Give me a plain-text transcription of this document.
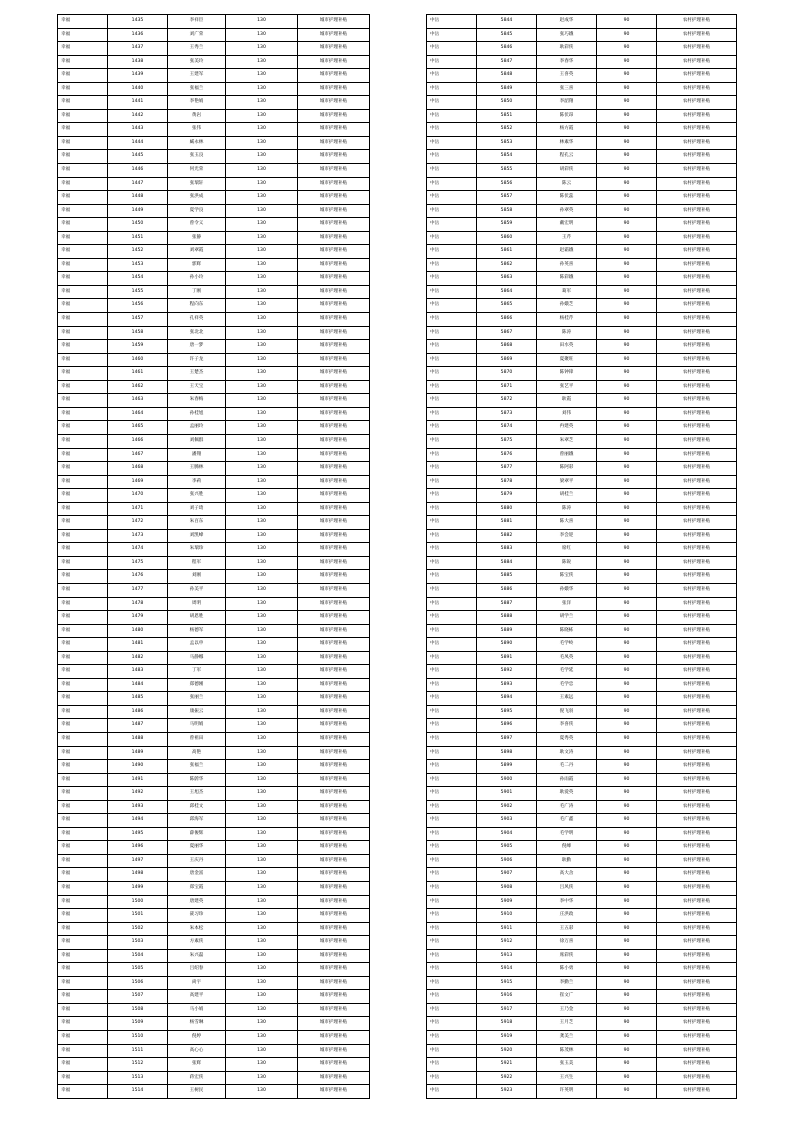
幸福	1435	李祥臣	130	城市护理补贴
幸福	1436	刘广荣	130	城市护理补贴
幸福	1437	王秀兰	130	城市护理补贴
幸福	1438	张美玲	130	城市护理补贴
幸福	1439	王建军	130	城市护理补贴
幸福	1440	张福兰	130	城市护理补贴
幸福	1441	李艳娟	130	城市护理补贴
幸福	1442	黄岩	130	城市护理补贴
幸福	1443	张伟	130	城市护理补贴
幸福	1444	臧永林	130	城市护理补贴
幸福	1445	张玉良	130	城市护理补贴
幸福	1446	何光荣	130	城市护理补贴
幸福	1447	张瑞轩	130	城市护理补贴
幸福	1448	张洪成	130	城市护理补贴
幸福	1449	夏学良	130	城市护理补贴
幸福	1450	曾令义	130	城市护理补贴
幸福	1451	张静	130	城市护理补贴
幸福	1452	刘翠霞	130	城市护理补贴
幸福	1453	郭辉	130	城市护理补贴
幸福	1454	孙小玲	130	城市护理补贴
幸福	1455	丁刚	130	城市护理补贴
幸福	1456	程向东	130	城市护理补贴
幸福	1457	孔祥英	130	城市护理补贴
幸福	1458	张北北	130	城市护理补贴
幸福	1459	唐一梦	130	城市护理补贴
幸福	1460	许子龙	130	城市护理补贴
幸福	1461	王楚杰	130	城市护理补贴
幸福	1462	王天宝	130	城市护理补贴
幸福	1463	朱春梅	130	城市护理补贴
幸福	1464	孙桂旭	130	城市护理补贴
幸福	1465	孟丽玲	130	城市护理补贴
幸福	1466	刘佩群	130	城市护理补贴
幸福	1467	潘翔	130	城市护理补贴
幸福	1468	王腾林	130	城市护理补贴
幸福	1469	李莉	130	城市护理补贴
幸福	1470	张兴胜	130	城市护理补贴
幸福	1471	刘子琦	130	城市护理补贴
幸福	1472	朱百东	130	城市护理补贴
幸福	1473	刘凯峰	130	城市护理补贴
幸福	1474	朱瑞珍	130	城市护理补贴
幸福	1475	程军	130	城市护理补贴
幸福	1476	刘刚	130	城市护理补贴
幸福	1477	孙美平	130	城市护理补贴
幸福	1478	周明	130	城市护理补贴
幸福	1479	胡恩胜	130	城市护理补贴
幸福	1480	杨德军	130	城市护理补贴
幸福	1481	孟以申	130	城市护理补贴
幸福	1482	马静娜	130	城市护理补贴
幸福	1483	丁军	130	城市护理补贴
幸福	1484	郑德刚	130	城市护理补贴
幸福	1485	张丽兰	130	城市护理补贴
幸福	1486	康振云	130	城市护理补贴
幸福	1487	马明娟	130	城市护理补贴
幸福	1488	曾祖田	130	城市护理补贴
幸福	1489	高艳	130	城市护理补贴
幸福	1490	张福兰	130	城市护理补贴
幸福	1491	陈蔚华	130	城市护理补贴
幸福	1492	王旭杰	130	城市护理补贴
幸福	1493	邱桂文	130	城市护理补贴
幸福	1494	邱海军	130	城市护理补贴
幸福	1495	薛俊辉	130	城市护理补贴
幸福	1496	夏丽华	130	城市护理补贴
幸福	1497	王庆丹	130	城市护理补贴
幸福	1498	唐金富	130	城市护理补贴
幸福	1499	郑宝霞	130	城市护理补贴
幸福	1500	唐建英	130	城市护理补贴
幸福	1501	聂习珍	130	城市护理补贴
幸福	1502	朱本松	130	城市护理补贴
幸福	1503	方素侠	130	城市护理补贴
幸福	1504	朱兴磊	130	城市护理补贴
幸福	1505	吕绍春	130	城市护理补贴
幸福	1506	尚宇	130	城市护理补贴
幸福	1507	高建平	130	城市护理补贴
幸福	1508	马小娟	130	城市护理补贴
幸福	1509	杨雪琳	130	城市护理补贴
幸福	1510	倪婷	130	城市护理补贴
幸福	1511	高心心	130	城市护理补贴
幸福	1512	张辉	130	城市护理补贴
幸福	1513	蒋宏侠	130	城市护理补贴
幸福	1514	王树民	130	城市护理补贴
中岳	5844	赵成华	90	农村护理补贴
中岳	5845	张巧娥	90	农村护理补贴
中岳	5846	耿彩侠	90	农村护理补贴
中岳	5847	李春华	90	农村护理补贴
中岳	5848	王喜英	90	农村护理补贴
中岳	5849	张三喜	90	农村护理补贴
中岳	5850	李韶翔	90	农村护理补贴
中岳	5851	陈伏昂	90	农村护理补贴
中岳	5852	杨方霞	90	农村护理补贴
中岳	5853	林素华	90	农村护理补贴
中岳	5854	程孔云	90	农村护理补贴
中岳	5855	胡彩侠	90	农村护理补贴
中岳	5856	陈云	90	农村护理补贴
中岳	5857	陈伏蕊	90	农村护理补贴
中岳	5858	孙翠英	90	农村护理补贴
中岳	5859	戴宏明	90	农村护理补贴
中岳	5860	王芹	90	农村护理补贴
中岳	5861	赵霜娥	90	农村护理补贴
中岳	5862	孙英喜	90	农村护理补贴
中岳	5863	陈彩娥	90	农村护理补贴
中岳	5864	葛军	90	农村护理补贴
中岳	5865	孙娥芝	90	农村护理补贴
中岳	5866	杨桂芹	90	农村护理补贴
中岳	5867	陈涛	90	农村护理补贴
中岳	5868	田水英	90	农村护理补贴
中岳	5869	夏聚旺	90	农村护理补贴
中岳	5870	陈钟锋	90	农村护理补贴
中岳	5871	张艺平	90	农村护理补贴
中岳	5872	耿霞	90	农村护理补贴
中岳	5873	刘伟	90	农村护理补贴
中岳	5874	冉建英	90	农村护理补贴
中岳	5875	朱翠芝	90	农村护理补贴
中岳	5876	曾丽娥	90	农村护理补贴
中岳	5877	陈阿彩	90	农村护理补贴
中岳	5878	梁翠平	90	农村护理补贴
中岳	5879	胡桂兰	90	农村护理补贴
中岳	5880	陈涛	90	农村护理补贴
中岳	5881	陈大喜	90	农村护理补贴
中岳	5882	李会迎	90	农村护理补贴
中岳	5883	席红	90	农村护理补贴
中岳	5884	陈锐	90	农村护理补贴
中岳	5885	陈宝侠	90	农村护理补贴
中岳	5886	孙娥华	90	农村护理补贴
中岳	5887	张洋	90	农村护理补贴
中岳	5888	胡学兰	90	农村护理补贴
中岳	5889	陈晓栋	90	农村护理补贴
中岳	5890	毛学岭	90	农村护理补贴
中岳	5891	毛凤英	90	农村护理补贴
中岳	5892	毛学延	90	农村护理补贴
中岳	5893	毛学忠	90	农村护理补贴
中岳	5894	王素远	90	农村护理补贴
中岳	5895	倪飞羽	90	农村护理补贴
中岳	5896	李喜侠	90	农村护理补贴
中岳	5897	夏秀英	90	农村护理补贴
中岳	5898	耿文涛	90	农村护理补贴
中岳	5899	毛二丹	90	农村护理补贴
中岳	5900	孙雨霞	90	农村护理补贴
中岳	5901	耿爱英	90	农村护理补贴
中岳	5902	毛广涛	90	农村护理补贴
中岳	5903	毛广鑫	90	农村护理补贴
中岳	5904	毛学明	90	农村护理补贴
中岳	5905	倪峰	90	农村护理补贴
中岳	5906	耿勤	90	农村护理补贴
中岳	5907	高大舍	90	农村护理补贴
中岳	5908	吕风侠	90	农村护理补贴
中岳	5909	李中华	90	农村护理补贴
中岳	5910	庄洪政	90	农村护理补贴
中岳	5911	王五彩	90	农村护理补贴
中岳	5912	徐万喜	90	农村护理补贴
中岳	5913	席彩侠	90	农村护理补贴
中岳	5914	陈小勇	90	农村护理补贴
中岳	5915	李勤兰	90	农村护理补贴
中岳	5916	崔文广	90	农村护理补贴
中岳	5917	王乃金	90	农村护理补贴
中岳	5918	王月芝	90	农村护理补贴
中岳	5919	龚美兰	90	农村护理补贴
中岳	5920	陈茂林	90	农村护理补贴
中岳	5921	张玉美	90	农村护理补贴
中岳	5922	王兴生	90	农村护理补贴
中岳	5923	许英明	90	农村护理补贴
